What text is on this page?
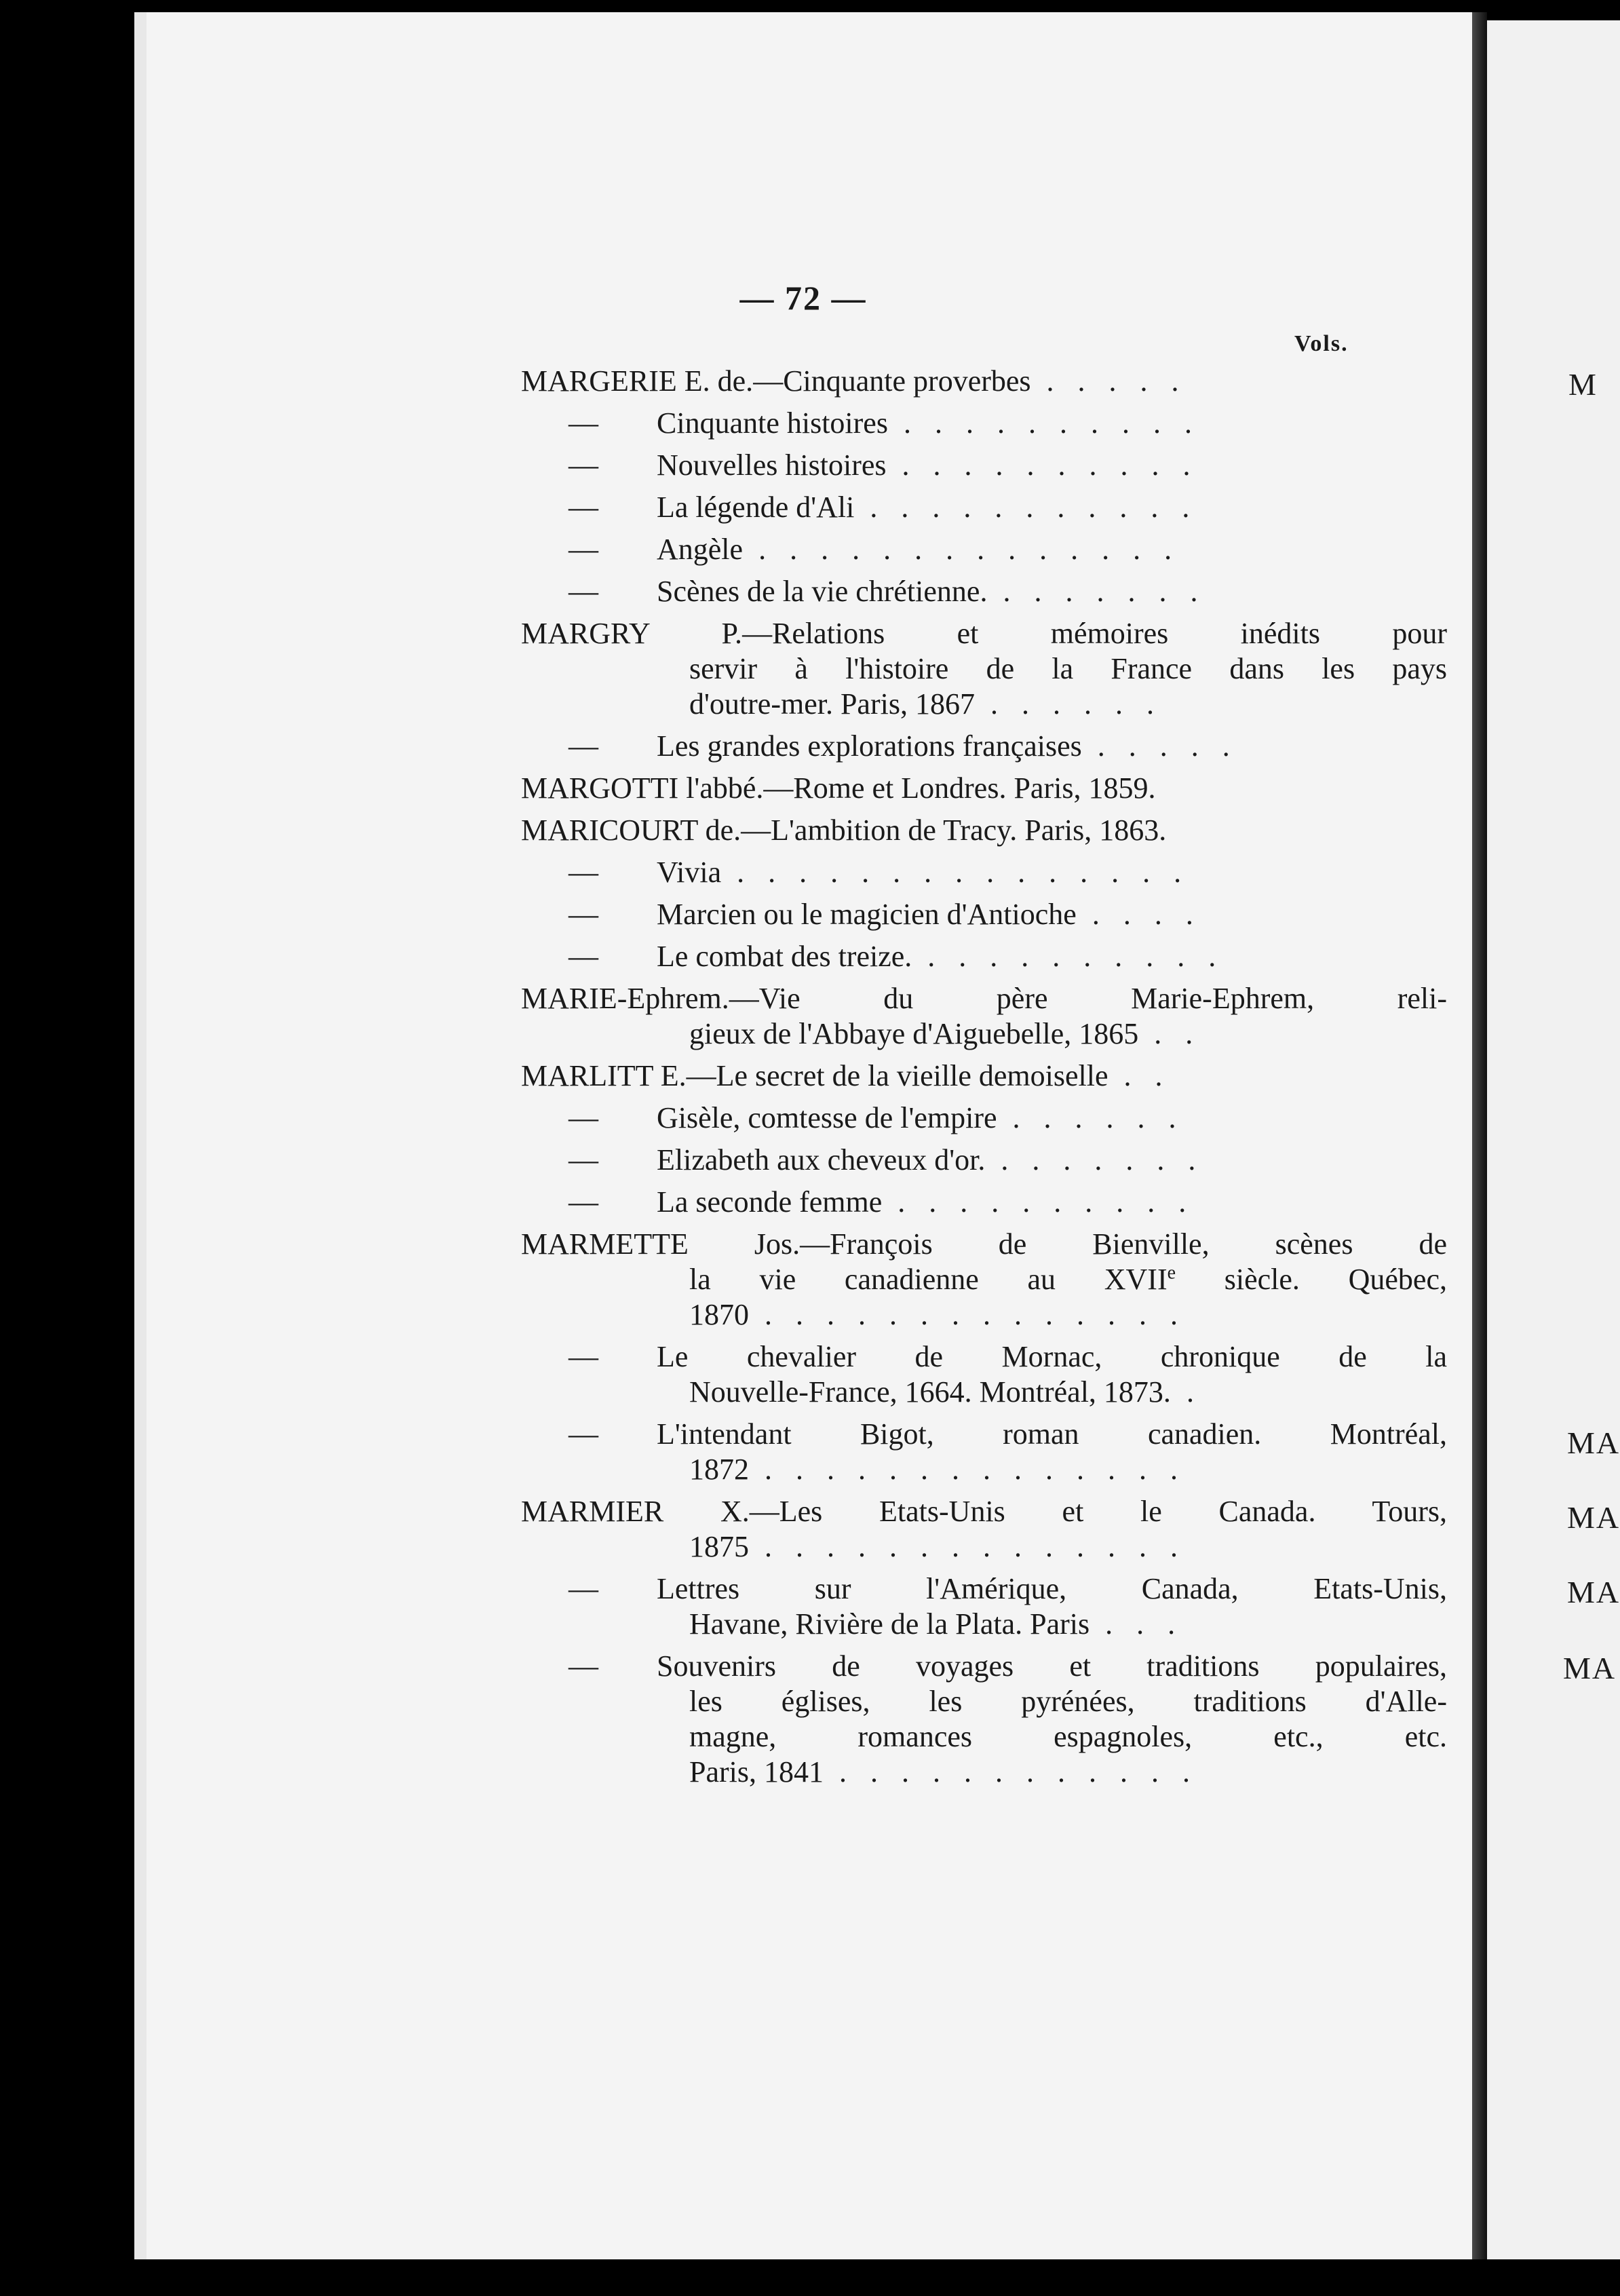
— 72 —
Vols.
MARGERIE E. de.—Cinquante proverbes . . . . .
— Cinquante histoires . . . . . . . . . .
— Nouvelles histoires . . . . . . . . . .
— La légende d'Ali . . . . . . . . . . .
— Angèle . . . . . . . . . . . . . .
— Scènes de la vie chrétienne. . . . . . . .
MARGRY P.—Relations et mémoires inédits pour
servir à l'histoire de la France dans les pays
d'outre-mer. Paris, 1867 . . . . . .
— Les grandes explorations françaises . . . . .
MARGOTTI l'abbé.—Rome et Londres. Paris, 1859.
MARICOURT de.—L'ambition de Tracy. Paris, 1863.
— Vivia . . . . . . . . . . . . . . .
— Marcien ou le magicien d'Antioche . . . .
— Le combat des treize. . . . . . . . . . .
MARIE-Ephrem.—Vie du père Marie-Ephrem, reli-
gieux de l'Abbaye d'Aiguebelle, 1865 . .
MARLITT E.—Le secret de la vieille demoiselle . .
— Gisèle, comtesse de l'empire . . . . . .
— Elizabeth aux cheveux d'or. . . . . . . .
— La seconde femme . . . . . . . . . .
MARMETTE Jos.—François de Bienville, scènes de
la vie canadienne au XVIIe siècle. Québec,
1870 . . . . . . . . . . . . . .
— Le chevalier de Mornac, chronique de la
Nouvelle-France, 1664. Montréal, 1873. .
— L'intendant Bigot, roman canadien. Montréal,
1872 . . . . . . . . . . . . . .
MARMIER X.—Les Etats-Unis et le Canada. Tours,
1875 . . . . . . . . . . . . . .
— Lettres sur l'Amérique, Canada, Etats-Unis,
Havane, Rivière de la Plata. Paris . . .
— Souvenirs de voyages et traditions populaires,
les églises, les pyrénées, traditions d'Alle-
magne, romances espagnoles, etc., etc.
Paris, 1841 . . . . . . . . . . . .
M
MA
MA
MA
MA
